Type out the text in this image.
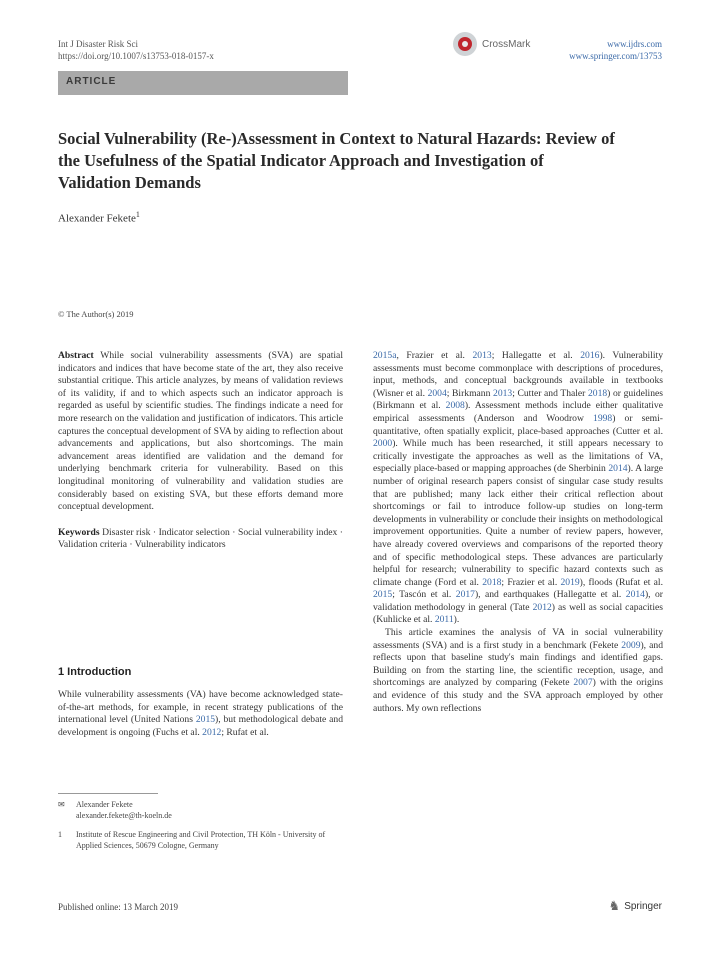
Int J Disaster Risk Sci
https://doi.org/10.1007/s13753-018-0157-x
CrossMark	www.ijdrs.com
www.springer.com/13753
ARTICLE
Social Vulnerability (Re-)Assessment in Context to Natural Hazards: Review of the Usefulness of the Spatial Indicator Approach and Investigation of Validation Demands
Alexander Fekete$^1$
© The Author(s) 2019

Abstract While social vulnerability assessments (SVA) are spatial indicators and indices that have become state of the art, they also receive substantial critique. This article analyzes, by means of validation reviews of its validity, if and to which aspects such an indicator approach is regarded as useful by scientific studies. The findings indicate a need for more research on the validation and justification of indicators. This article captures the conceptual development of SVA by aiding to reflection about advancements and applications, but also shortcomings. The main advancement areas identified are validation and the demand for underlying benchmark criteria for vulnerability. Based on this longitudinal monitoring of vulnerability and validation studies are considerably based on existing SVA, but these efforts demand more conceptual development.

Keywords Disaster risk · Indicator selection · Social vulnerability index · Validation criteria · Vulnerability indicators

1 Introduction

While vulnerability assessments (VA) have become acknowledged state-of-the-art methods, for example, in recent strategy publications of the international level (United Nations 2015), but methodological debate and development is ongoing (Fuchs et al. 2012; Rufat et al.

✉	Alexander Fekete
alexander.fekete@th-koeln.de
1	Institute of Rescue Engineering and Civil Protection, TH Köln - University of Applied Sciences, 50679 Cologne, Germany

2015a, Frazier et al. 2013; Hallegatte et al. 2016). Vulnerability assessments must become commonplace with descriptions of procedures, input, methods, and conceptual backgrounds available in textbooks (Wisner et al. 2004; Birkmann 2013; Cutter and Thaler 2018) or guidelines (Birkmann et al. 2008). Assessment methods include either qualitative empirical assessments (Anderson and Woodrow 1998) or semi-quantitative, often spatially explicit, place-based approaches (Cutter et al. 2000). While much has been researched, it still appears necessary to critically investigate the approaches as well as the limitations of VA, especially place-based or mapping approaches (de Sherbinin 2014). A large number of original research papers consist of singular case study results that are published; many lack either their critical reflection about shortcomings or fail to introduce follow-up studies on long-term developments in vulnerability or conclude their insights on methodological improvement opportunities. Quite a number of review papers, however, have already covered overviews and comparisons of the reported theory and of specific methodological steps. These advances are particularly helpful for research; vulnerability to specific hazard contexts such as climate change (Ford et al. 2018; Frazier et al. 2019), floods (Rufat et al. 2015; Tascón et al. 2017), and earthquakes (Hallegatte et al. 2014), or validation methodology in general (Tate 2012) as well as social capacities (Kuhlicke et al. 2011).

This article examines the analysis of VA in social vulnerability assessments (SVA) and is a first study in a benchmark (Fekete 2009), and reflects upon that baseline study's main findings and identified gaps. Building on from the starting line, the scientific reception, usage, and shortcomings are analyzed by comparing (Fekete 2007) with the origins and evidence of this study and the SVA approach employed by other authors. My own reflections

Published online: 13 March 2019	♞ Springer
